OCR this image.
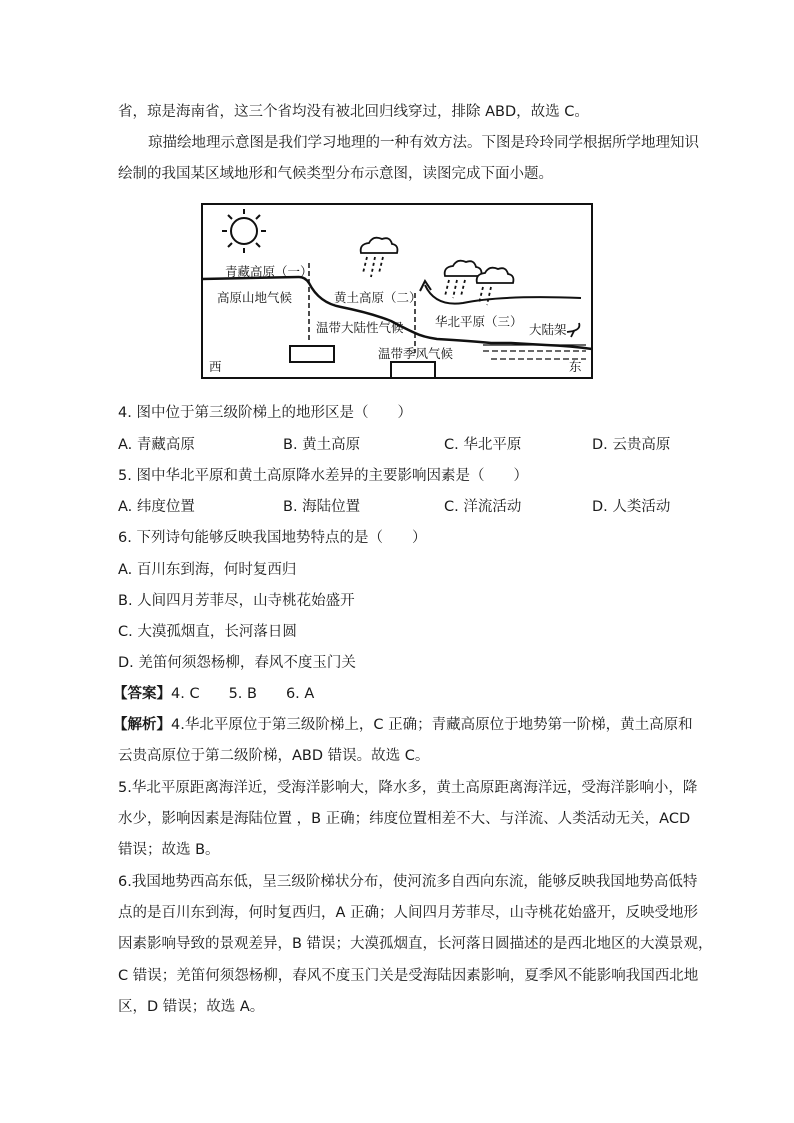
省，琼是海南省，这三个省均没有被北回归线穿过，排除 ABD，故选 C。
琼描绘地理示意图是我们学习地理的一种有效方法。下图是玲玲同学根据所学地理知识
绘制的我国某区域地形和气候类型分布示意图，读图完成下面小题。
青藏高原（一）
高原山地气候	黄土高原（二）
温带大陆性气候	华北平原（三）
温带季风气候
大陆架
西	东
4. 图中位于第三级阶梯上的地形区是（　　）
A. 青藏高原	B. 黄土高原	C. 华北平原	D. 云贵高原
5. 图中华北平原和黄土高原降水差异的主要影响因素是（　　）
A. 纬度位置	B. 海陆位置	C. 洋流活动	D. 人类活动
6. 下列诗句能够反映我国地势特点的是（　　）
A. 百川东到海，何时复西归
B. 人间四月芳菲尽，山寺桃花始盛开
C. 大漠孤烟直，长河落日圆
D. 羌笛何须怨杨柳，春风不度玉门关
【答案】4. C　　5. B　　6. A
【解析】4.华北平原位于第三级阶梯上，C 正确；青藏高原位于地势第一阶梯，黄土高原和
云贵高原位于第二级阶梯，ABD 错误。故选 C。
5.华北平原距离海洋近，受海洋影响大，降水多，黄土高原距离海洋远，受海洋影响小，降
水少，影响因素是海陆位置 ，B 正确；纬度位置相差不大、与洋流、人类活动无关，ACD
错误；故选 B。
6.我国地势西高东低，呈三级阶梯状分布，使河流多自西向东流，能够反映我国地势高低特
点的是百川东到海，何时复西归，A 正确；人间四月芳菲尽，山寺桃花始盛开，反映受地形
因素影响导致的景观差异，B 错误；大漠孤烟直，长河落日圆描述的是西北地区的大漠景观，
C 错误；羌笛何须怨杨柳，春风不度玉门关是受海陆因素影响，夏季风不能影响我国西北地
区，D 错误；故选 A。
